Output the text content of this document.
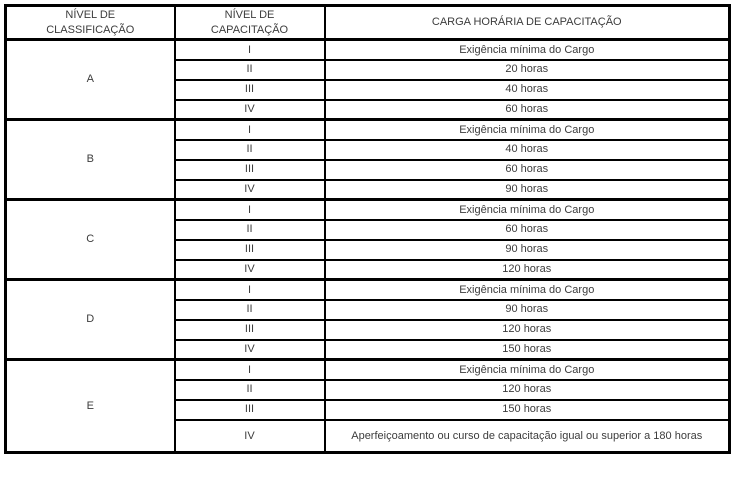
NÍVEL DE CLASSIFICAÇÃO	NÍVEL DE CAPACITAÇÃO	CARGA HORÁRIA DE CAPACITAÇÃO
A	I	Exigência mínima do Cargo
	II	20 horas
	III	40 horas
	IV	60 horas
B	I	Exigência mínima do Cargo
	II	40 horas
	III	60 horas
	IV	90 horas
C	I	Exigência mínima do Cargo
	II	60 horas
	III	90 horas
	IV	120 horas
D	I	Exigência mínima do Cargo
	II	90 horas
	III	120 horas
	IV	150 horas
E	I	Exigência mínima do Cargo
	II	120 horas
	III	150 horas
	IV	Aperfeiçoamento ou curso de capacitação igual ou superior a 180 horas
